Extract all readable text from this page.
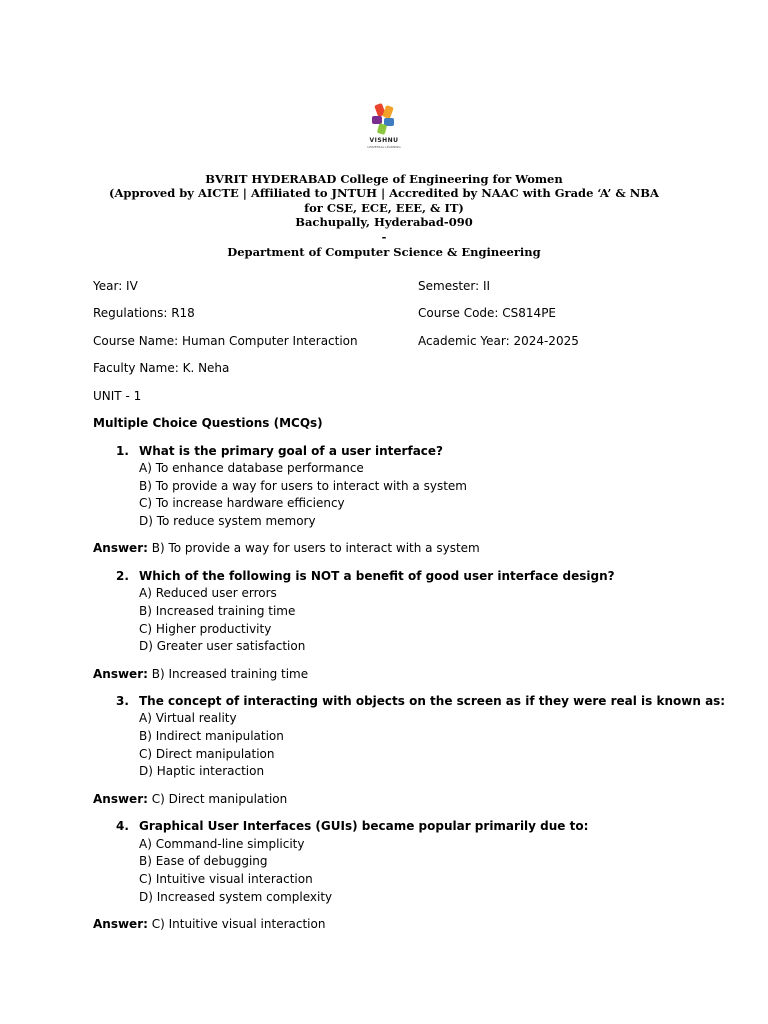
VISHNU
UNIVERSAL LEARNING
BVRIT HYDERABAD College of Engineering for Women
(Approved by AICTE | Affiliated to JNTUH | Accredited by NAAC with Grade ‘A’ & NBA
for CSE, ECE, EEE, & IT)
Bachupally, Hyderabad-090
-
Department of Computer Science & Engineering
Year: IV	Semester: II
Regulations: R18	Course Code: CS814PE
Course Name: Human Computer Interaction	Academic Year: 2024-2025
Faculty Name: K. Neha
UNIT - 1
Multiple Choice Questions (MCQs)
1. What is the primary goal of a user interface?
A) To enhance database performance
B) To provide a way for users to interact with a system
C) To increase hardware efficiency
D) To reduce system memory
Answer: B) To provide a way for users to interact with a system
2. Which of the following is NOT a benefit of good user interface design?
A) Reduced user errors
B) Increased training time
C) Higher productivity
D) Greater user satisfaction
Answer: B) Increased training time
3. The concept of interacting with objects on the screen as if they were real is known as:
A) Virtual reality
B) Indirect manipulation
C) Direct manipulation
D) Haptic interaction
Answer: C) Direct manipulation
4. Graphical User Interfaces (GUIs) became popular primarily due to:
A) Command-line simplicity
B) Ease of debugging
C) Intuitive visual interaction
D) Increased system complexity
Answer: C) Intuitive visual interaction
